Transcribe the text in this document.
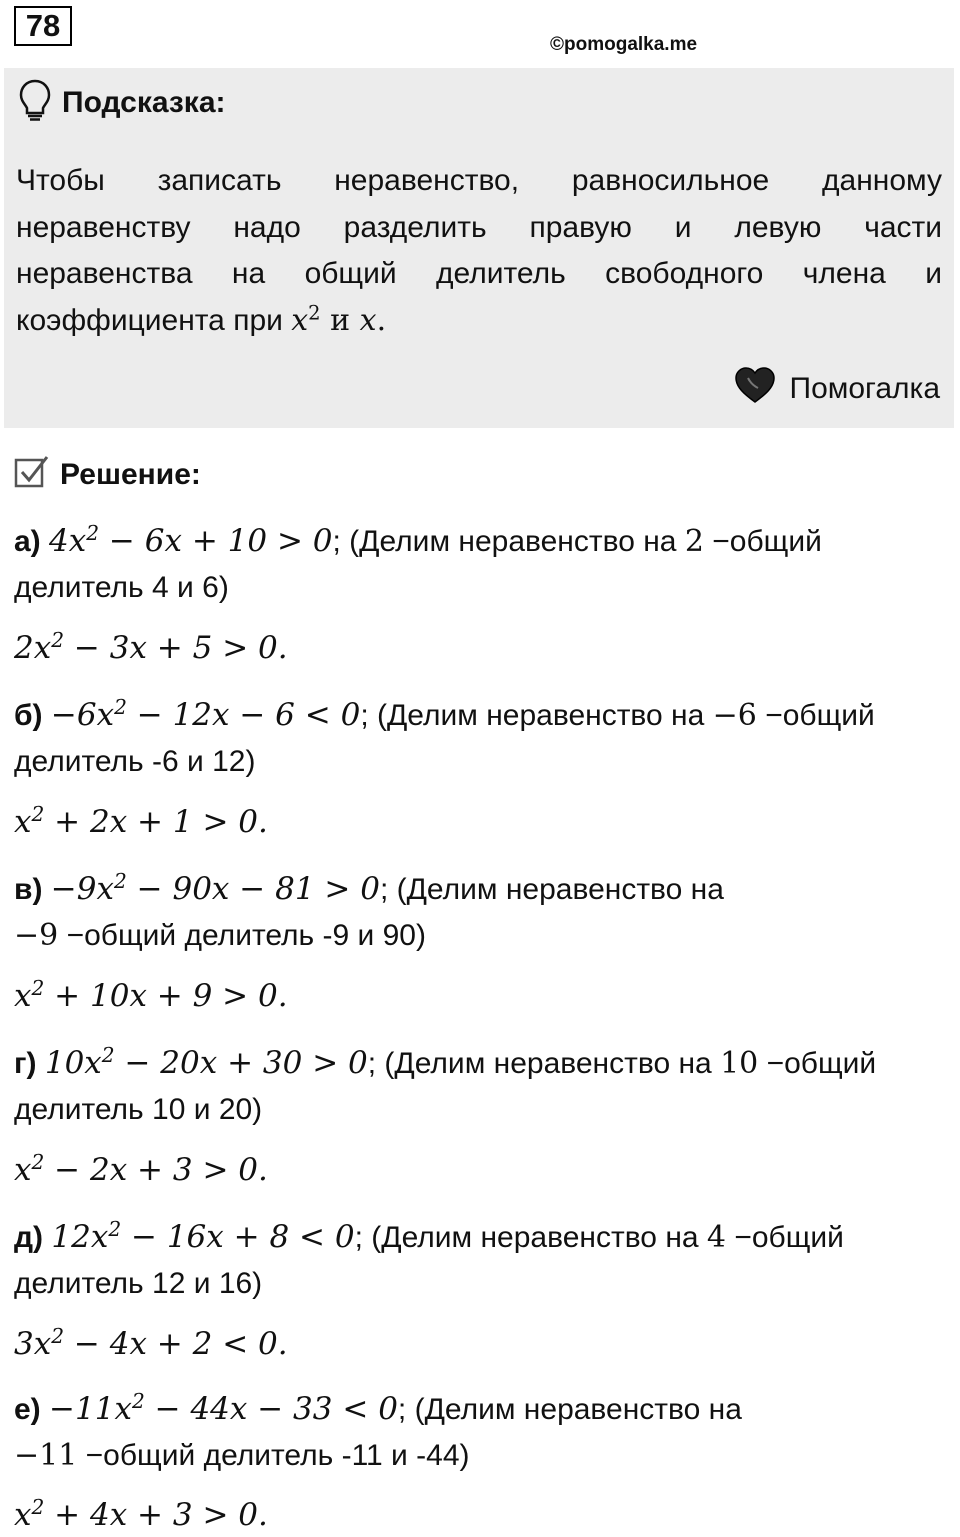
78
©pomogalka.me
Подсказка:
Чтобы записать неравенство, равносильное данному
неравенству надо разделить правую и левую части
неравенства на общий делитель свободного члена и
коэффициента при $x^2$ и x.
Помогалка
Решение:
а) $4x^2 - 6x + 10 > 0$; (Делим неравенство на 2 −общий
делитель 4 и 6)
$2x^2 - 3x + 5 > 0$.
$б) -6x^2 - 12x - 6 < 0$; (Делим неравенство на −6 −общий
делитель -6 и 12)
$x^2 + 2x + 1 > 0$.
$в) -9x^2 - 90x - 81 > 0$; (Делим неравенство на
−9 −общий делитель -9 и 90)
$x^2 + 10x + 9 > 0$.
г) $10x^2 - 20x + 30 > 0$; (Делим неравенство на 10 −общий
делитель 10 и 20)
$x^2 - 2x + 3 > 0$.
д) $12x^2 - 16x + 8 < 0$; (Делим неравенство на 4 −общий
делитель 12 и 16)
$3x^2 - 4x + 2 < 0$.
$е) -11x^2 - 44x - 33 < 0$; (Делим неравенство на
−11 −общий делитель -11 и -44)
$x^2 + 4x + 3 > 0$.
